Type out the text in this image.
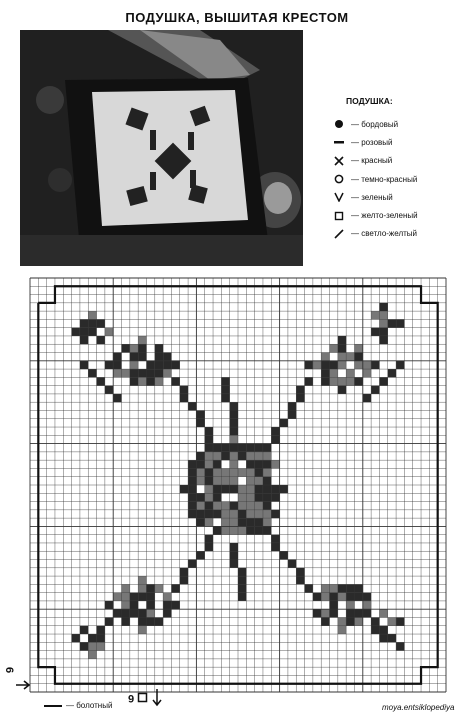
ПОДУШКА, ВЫШИТАЯ КРЕСТОМ
ПОДУШКА:
— бордовый
— розовый
— красный
— темно-красный
— зеленый
— желто-зеленый
— светло-желтый
6
6
— болотный	moya.entsiklopediya
